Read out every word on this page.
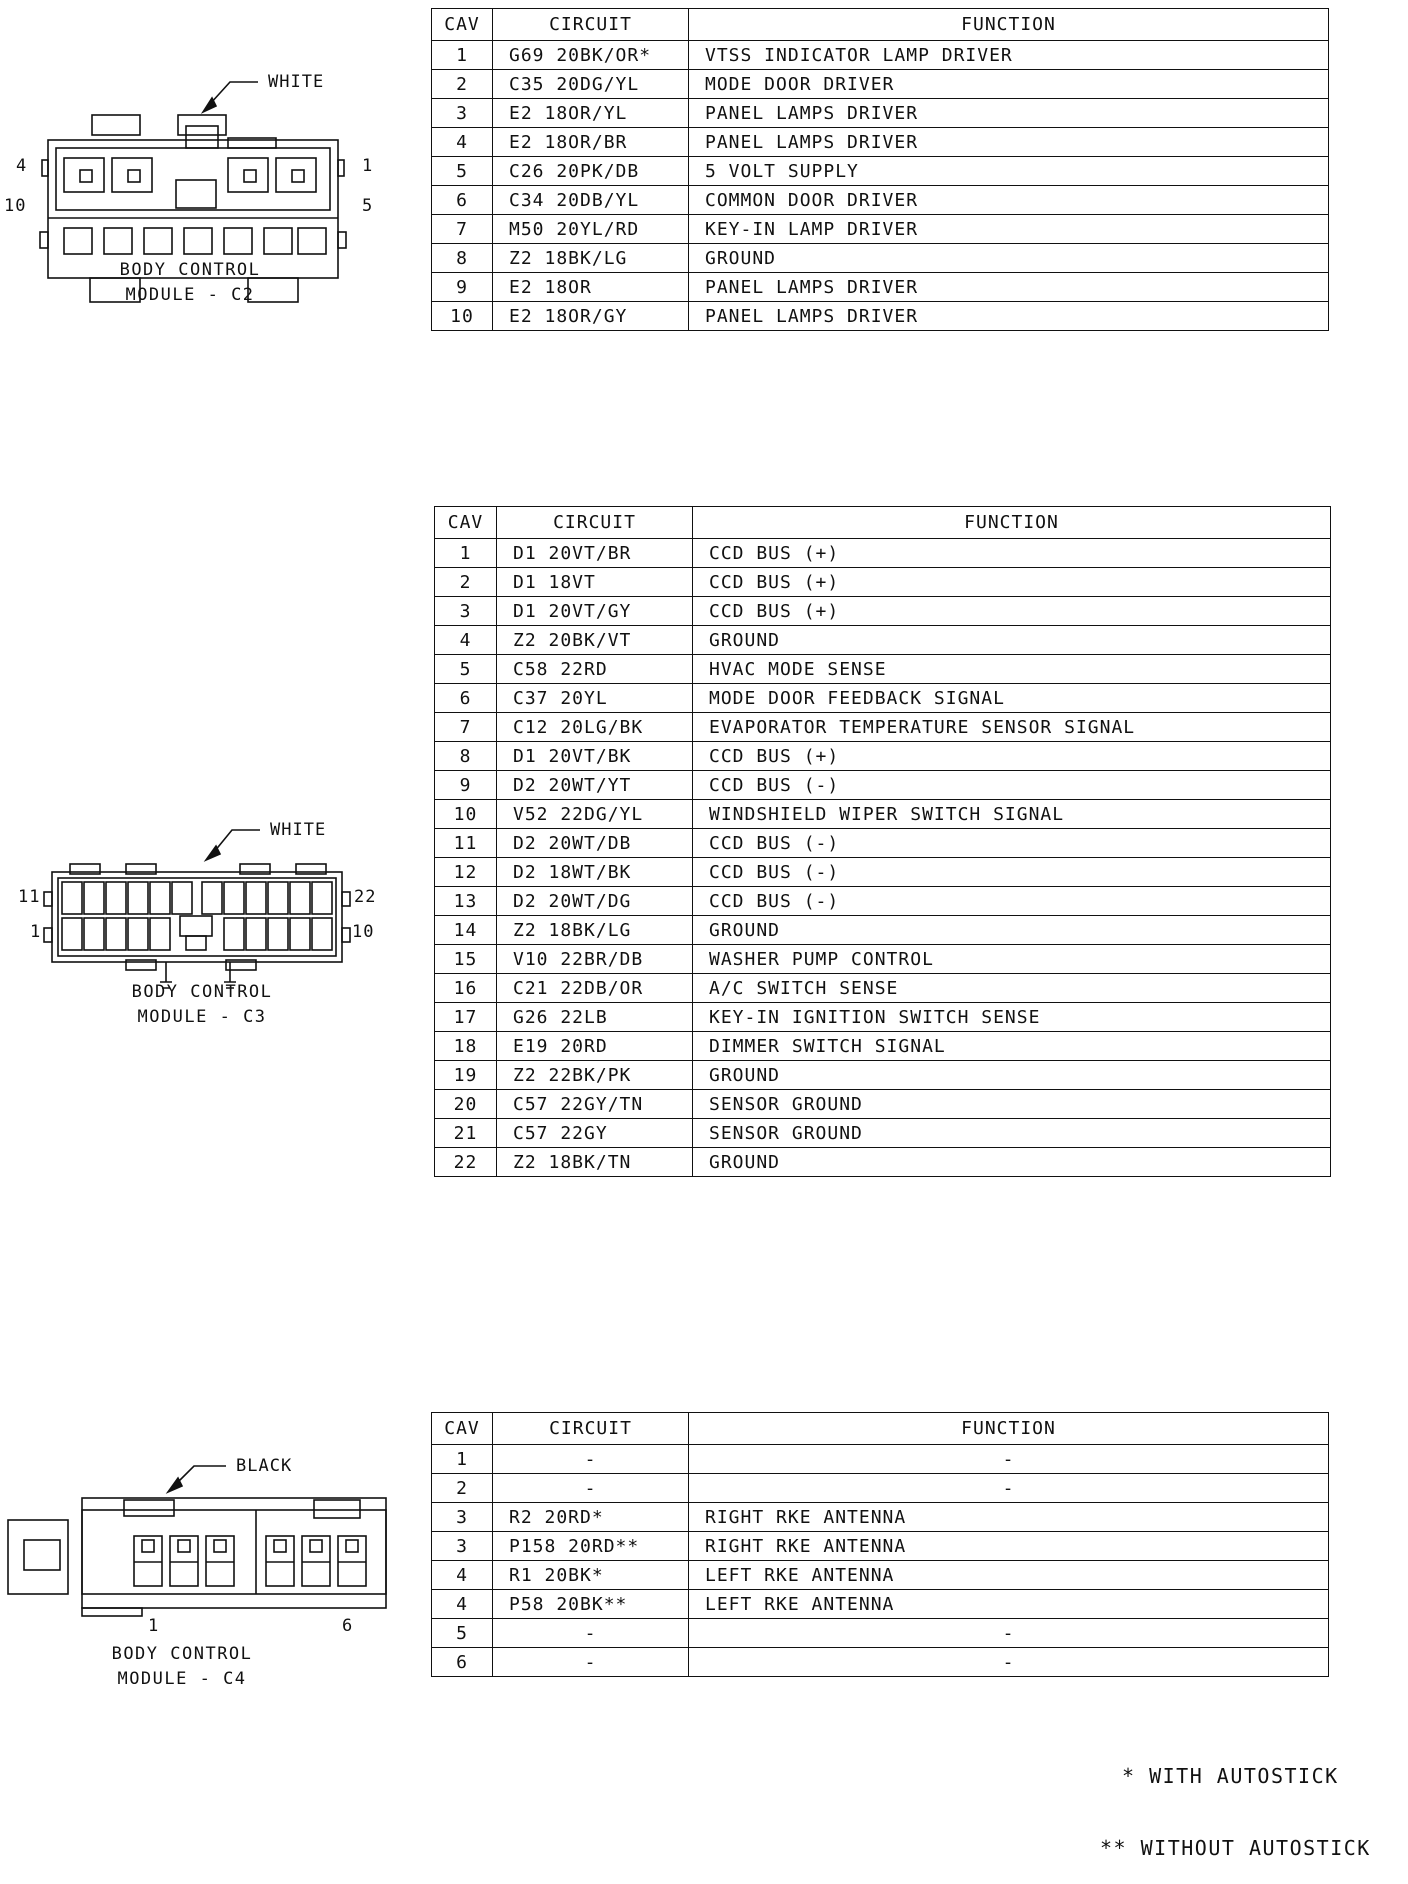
WHITE
4	1
10	5
BODY CONTROL
MODULE - C2
CAV	CIRCUIT	FUNCTION
1	G69 20BK/OR*	VTSS INDICATOR LAMP DRIVER
2	C35 20DG/YL	MODE DOOR DRIVER
3	E2 18OR/YL	PANEL LAMPS DRIVER
4	E2 18OR/BR	PANEL LAMPS DRIVER
5	C26 20PK/DB	5 VOLT SUPPLY
6	C34 20DB/YL	COMMON DOOR DRIVER
7	M50 20YL/RD	KEY-IN LAMP DRIVER
8	Z2 18BK/LG	GROUND
9	E2 18OR	PANEL LAMPS DRIVER
10	E2 18OR/GY	PANEL LAMPS DRIVER
WHITE
11	22
1	10
BODY CONTROL
MODULE - C3
CAV	CIRCUIT	FUNCTION
1	D1 20VT/BR	CCD BUS (+)
2	D1 18VT	CCD BUS (+)
3	D1 20VT/GY	CCD BUS (+)
4	Z2 20BK/VT	GROUND
5	C58 22RD	HVAC MODE SENSE
6	C37 20YL	MODE DOOR FEEDBACK SIGNAL
7	C12 20LG/BK	EVAPORATOR TEMPERATURE SENSOR SIGNAL
8	D1 20VT/BK	CCD BUS (+)
9	D2 20WT/YT	CCD BUS (-)
10	V52 22DG/YL	WINDSHIELD WIPER SWITCH SIGNAL
11	D2 20WT/DB	CCD BUS (-)
12	D2 18WT/BK	CCD BUS (-)
13	D2 20WT/DG	CCD BUS (-)
14	Z2 18BK/LG	GROUND
15	V10 22BR/DB	WASHER PUMP CONTROL
16	C21 22DB/OR	A/C SWITCH SENSE
17	G26 22LB	KEY-IN IGNITION SWITCH SENSE
18	E19 20RD	DIMMER SWITCH SIGNAL
19	Z2 22BK/PK	GROUND
20	C57 22GY/TN	SENSOR GROUND
21	C57 22GY	SENSOR GROUND
22	Z2 18BK/TN	GROUND
BLACK
1	6
BODY CONTROL
MODULE - C4
CAV	CIRCUIT	FUNCTION
1	-	-
2	-	-
3	R2 20RD*	RIGHT RKE ANTENNA
3	P158 20RD**	RIGHT RKE ANTENNA
4	R1 20BK*	LEFT RKE ANTENNA
4	P58 20BK**	LEFT RKE ANTENNA
5	-	-
6	-	-

* WITH AUTOSTICK

** WITHOUT AUTOSTICK
